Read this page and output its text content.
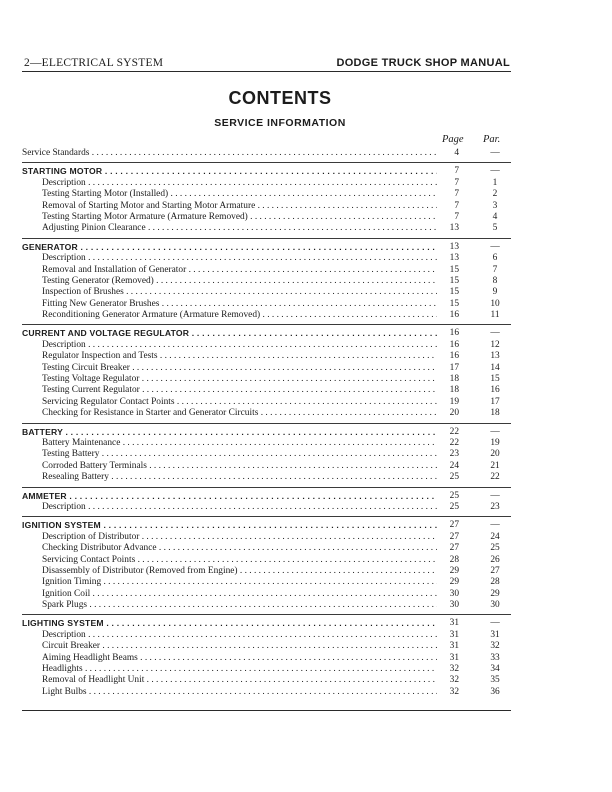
2—ELECTRICAL SYSTEM	DODGE TRUCK SHOP MANUAL
CONTENTS
SERVICE INFORMATION
Page Par.
Service Standards . . .	4	—
STARTING MOTOR . . .	7	—
Description . . .	7	1
Testing Starting Motor (Installed) . . .	7	2
Removal of Starting Motor and Starting Motor Armature . . .	7	3
Testing Starting Motor Armature (Armature Removed) . . .	7	4
Adjusting Pinion Clearance . . .	13	5
GENERATOR . . .	13	—
Description . . .	13	6
Removal and Installation of Generator . . .	15	7
Testing Generator (Removed) . . .	15	8
Inspection of Brushes . . .	15	9
Fitting New Generator Brushes . . .	15	10
Reconditioning Generator Armature (Armature Removed) . . .	16	11
CURRENT AND VOLTAGE REGULATOR . . .	16	—
Description . . .	16	12
Regulator Inspection and Tests . . .	16	13
Testing Circuit Breaker . . .	17	14
Testing Voltage Regulator . . .	18	15
Testing Current Regulator . . .	18	16
Servicing Regulator Contact Points . . .	19	17
Checking for Resistance in Starter and Generator Circuits . . .	20	18
BATTERY . . .	22	—
Battery Maintenance . . .	22	19
Testing Battery . . .	23	20
Corroded Battery Terminals . . .	24	21
Resealing Battery . . .	25	22
AMMETER . . .	25	—
Description . . .	25	23
IGNITION SYSTEM . . .	27	—
Description of Distributor . . .	27	24
Checking Distributor Advance . . .	27	25
Servicing Contact Points . . .	28	26
Disassembly of Distributor (Removed from Engine) . . .	29	27
Ignition Timing . . .	29	28
Ignition Coil . . .	30	29
Spark Plugs . . .	30	30
LIGHTING SYSTEM . . .	31	—
Description . . .	31	31
Circuit Breaker . . .	31	32
Aiming Headlight Beams . . .	31	33
Headlights . . .	32	34
Removal of Headlight Unit . . .	32	35
Light Bulbs . . .	32	36
